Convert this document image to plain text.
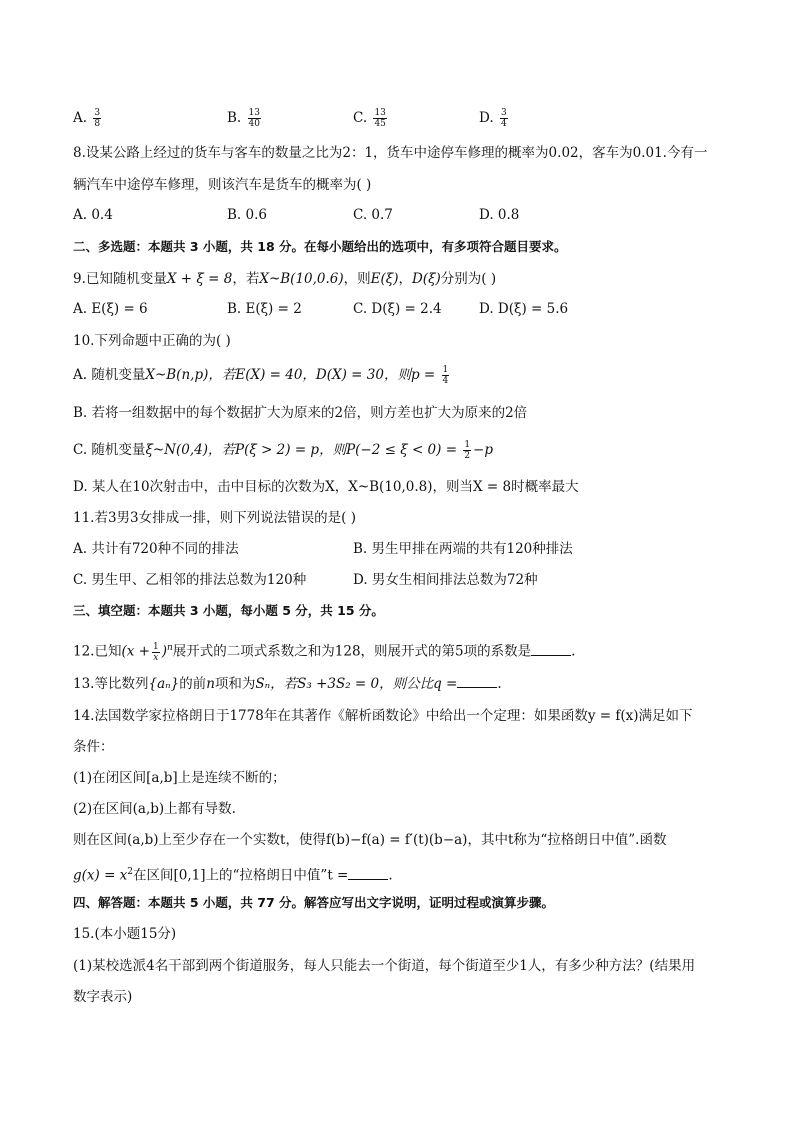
A. $\frac{3}{8}$	B. $\frac{13}{40}$	C. $\frac{13}{45}$	D. $\frac{3}{4}$
8.设某公路上经过的货车与客车的数量之比为2：1，货车中途停车修理的概率为0.02，客车为0.01.今有一
辆汽车中途停车修理，则该汽车是货车的概率为( )
A. 0.4	B. 0.6	C. 0.7	D. 0.8
二、多选题：本题共 3 小题，共 18 分。在每小题给出的选项中，有多项符合题目要求。
9.已知随机变量X + ξ = 8，若X~B(10,0.6)，则E(ξ)，D(ξ)分别为( )
A. E(ξ) = 6	B. E(ξ) = 2	C. D(ξ) = 2.4	D. D(ξ) = 5.6
10.下列命题中正确的为( )
A. 随机变量X~B(n,p)，若E(X) = 40，D(X) = 30，则$p = \frac{1}{4}$
B. 若将一组数据中的每个数据扩大为原来的2倍，则方差也扩大为原来的2倍
C. 随机变量ξ~N(0,4)，若P(ξ > 2) = p，则$P(-2 \le \xi < 0) = \frac{1}{2} -p$
D. 某人在10次射击中，击中目标的次数为X，X~B(10,0.8)，则当X = 8时概率最大
11.若3男3女排成一排，则下列说法错误的是( )
A. 共计有720种不同的排法	B. 男生甲排在两端的共有120种排法
C. 男生甲、乙相邻的排法总数为120种	D. 男女生相间排法总数为72种
三、填空题：本题共 3 小题，每小题 5 分，共 15 分。
12.已知$(x + \frac{1}{x} )^n$展开式的二项式系数之和为128，则展开式的第5项的系数是	.
13.等比数列{aₙ}的前n项和为Sₙ，若S₃ +3S₂ = 0，则公比q =	.
14.法国数学家拉格朗日于1778年在其著作《解析函数论》中给出一个定理：如果函数y = f(x)满足如下
条件：
(1)在闭区间[a,b]上是连续不断的；
(2)在区间(a,b)上都有导数.
则在区间(a,b)上至少存在一个实数t，使得f(b)−f(a) = f′(t)(b−a)，其中t称为“拉格朗日中值”.函数
$g(x) = x^2$在区间[0,1]上的“拉格朗日中值”t =	.
四、解答题：本题共 5 小题，共 77 分。解答应写出文字说明，证明过程或演算步骤。
15.(本小题15分)
(1)某校选派4名干部到两个街道服务，每人只能去一个街道，每个街道至少1人，有多少种方法？(结果用
数字表示)
